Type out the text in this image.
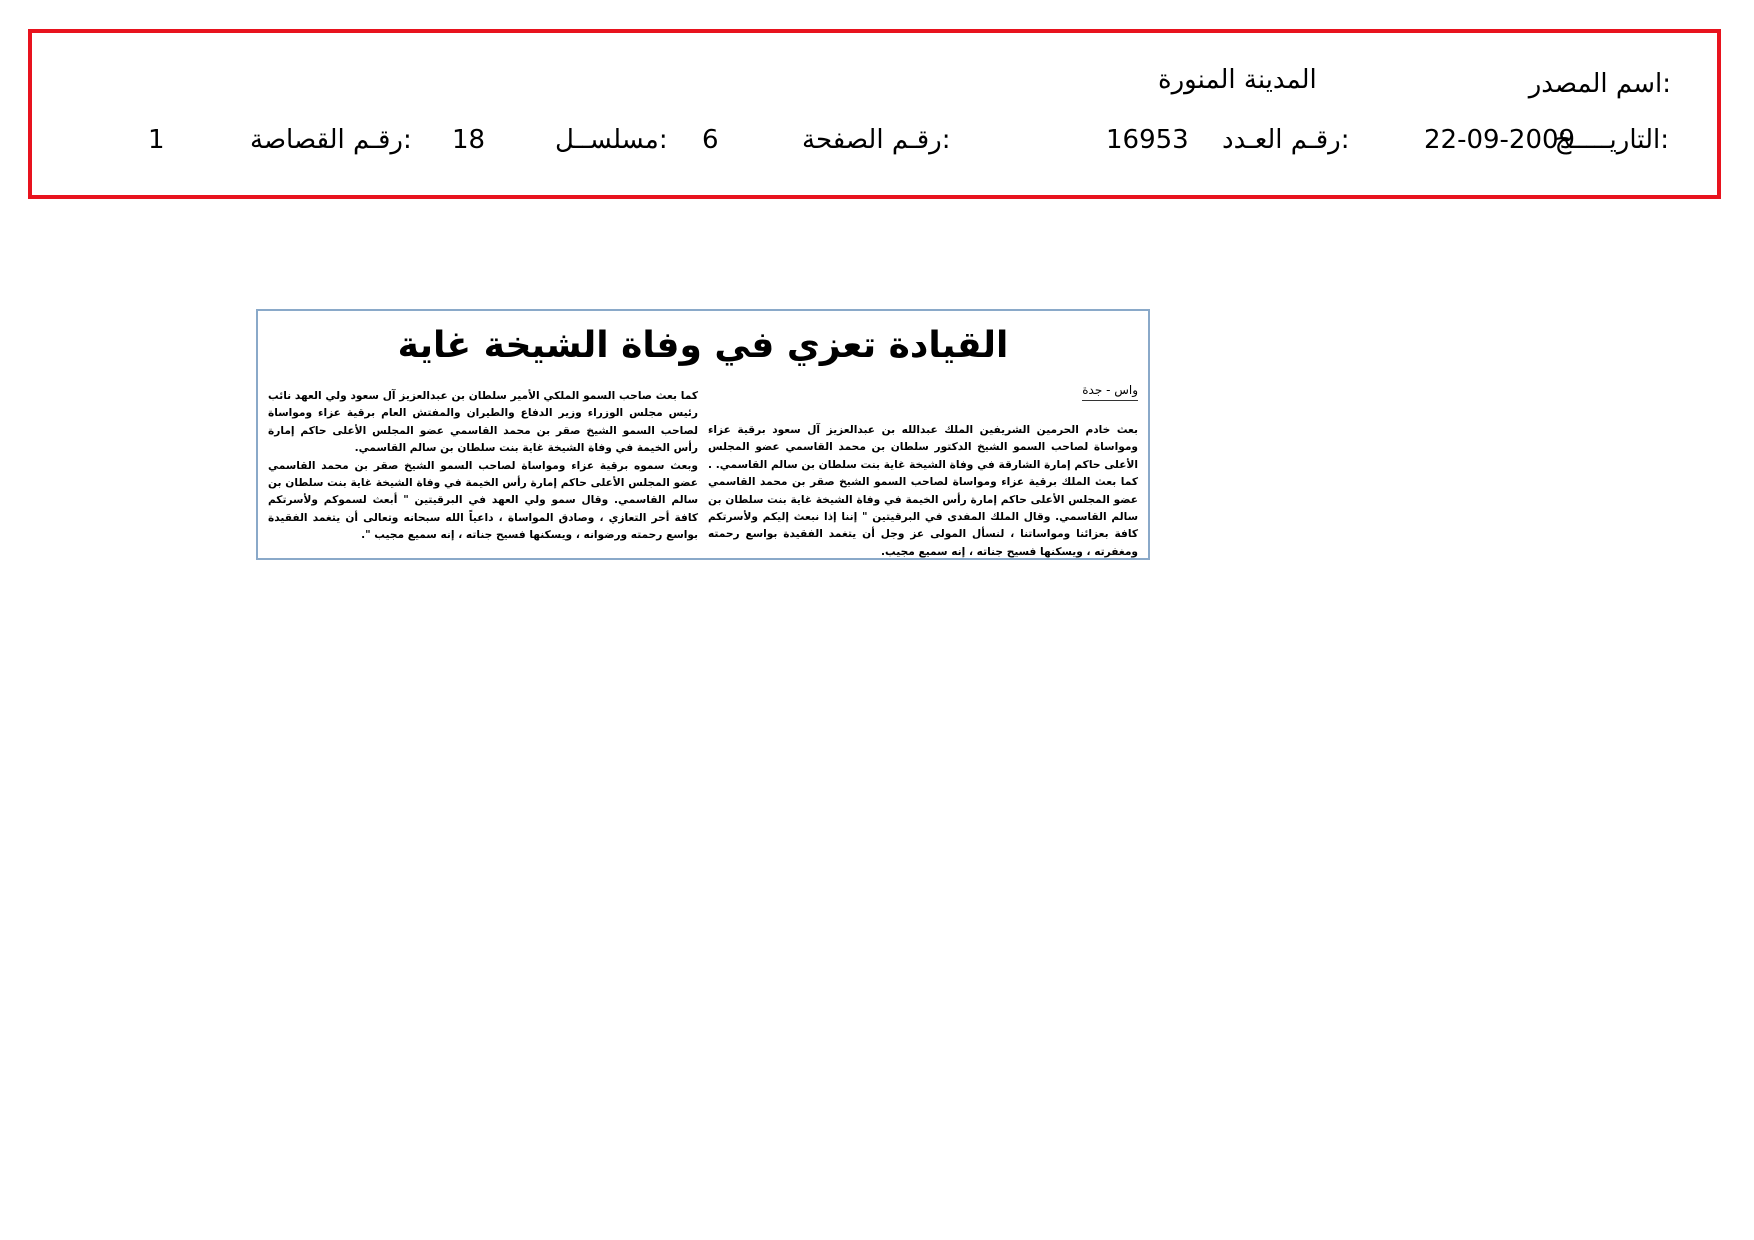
اسم المصدر:
المدينة المنورة
التاريـــــخ:
22-09-2009
رقـم العـدد:
16953
رقـم الصفحة:
6
مسلســل:
18
رقـم القصاصة:
1
القيادة تعزي في وفاة الشيخة غاية
واس - جدة

بعث خادم الحرمين الشريفين الملك عبدالله بن عبدالعزيز آل سعود برقية عزاء ومواساة لصاحب السمو الشيخ الدكتور سلطان بن محمد القاسمي عضو المجلس الأعلى حاكم إمارة الشارقة في وفاة الشيخة غاية بنت سلطان بن سالم القاسمي. . كما بعث الملك برقية عزاء ومواساة لصاحب السمو الشيخ صقر بن محمد القاسمي عضو المجلس الأعلى حاكم إمارة رأس الخيمة في وفاة الشيخة غاية بنت سلطان بن سالم القاسمي. وقال الملك المفدى في البرقيتين " إننا إذا نبعث إليكم ولأسرتكم كافة بعزائنا ومواساتنا ، لنسأل المولى عز وجل أن يتغمد الفقيدة بواسع رحمته ومغفرته ، ويسكنها فسيح جناته ، إنه سميع مجيب.

كما بعث صاحب السمو الملكي الأمير سلطان بن عبدالعزيز آل سعود ولي العهد نائب رئيس مجلس الوزراء وزير الدفاع والطيران والمفتش العام برقية عزاء ومواساة لصاحب السمو الشيخ صقر بن محمد القاسمي عضو المجلس الأعلى حاكم إمارة رأس الخيمة في وفاة الشيخة غاية بنت سلطان بن سالم القاسمي.

وبعث سموه برقية عزاء ومواساة لصاحب السمو الشيخ صقر بن محمد القاسمي عضو المجلس الأعلى حاكم إمارة رأس الخيمة في وفاة الشيخة غاية بنت سلطان بن سالم القاسمي. وقال سمو ولي العهد في البرقيتين " أبعث لسموكم ولأسرتكم كافة أحر التعازي ، وصادق المواساة ، داعياً الله سبحانه وتعالى أن يتغمد الفقيدة بواسع رحمته ورضوانه ، ويسكنها فسيح جناته ، إنه سميع مجيب ".
